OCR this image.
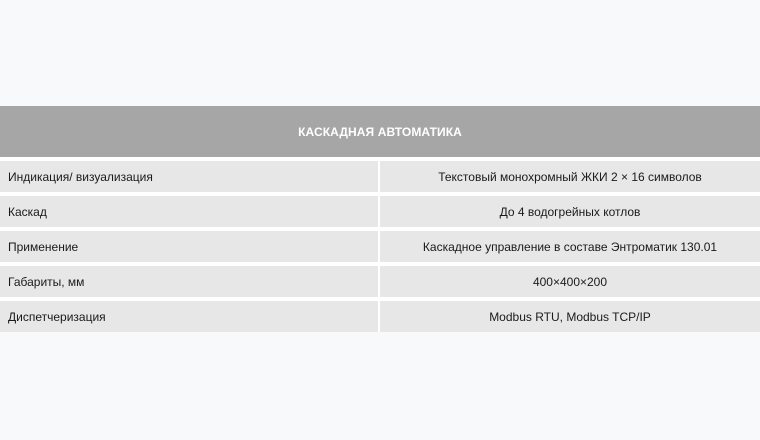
КАСКАДНАЯ АВТОМАТИКА	
Индикация/ визуализация	Текстовый монохромный ЖКИ 2 × 16 символов
Каскад	До 4 водогрейных котлов
Применение	Каскадное управление в составе Энтроматик 130.01
Габариты, мм	400×400×200
Диспетчеризация	Modbus RTU, Modbus TCP/IP
